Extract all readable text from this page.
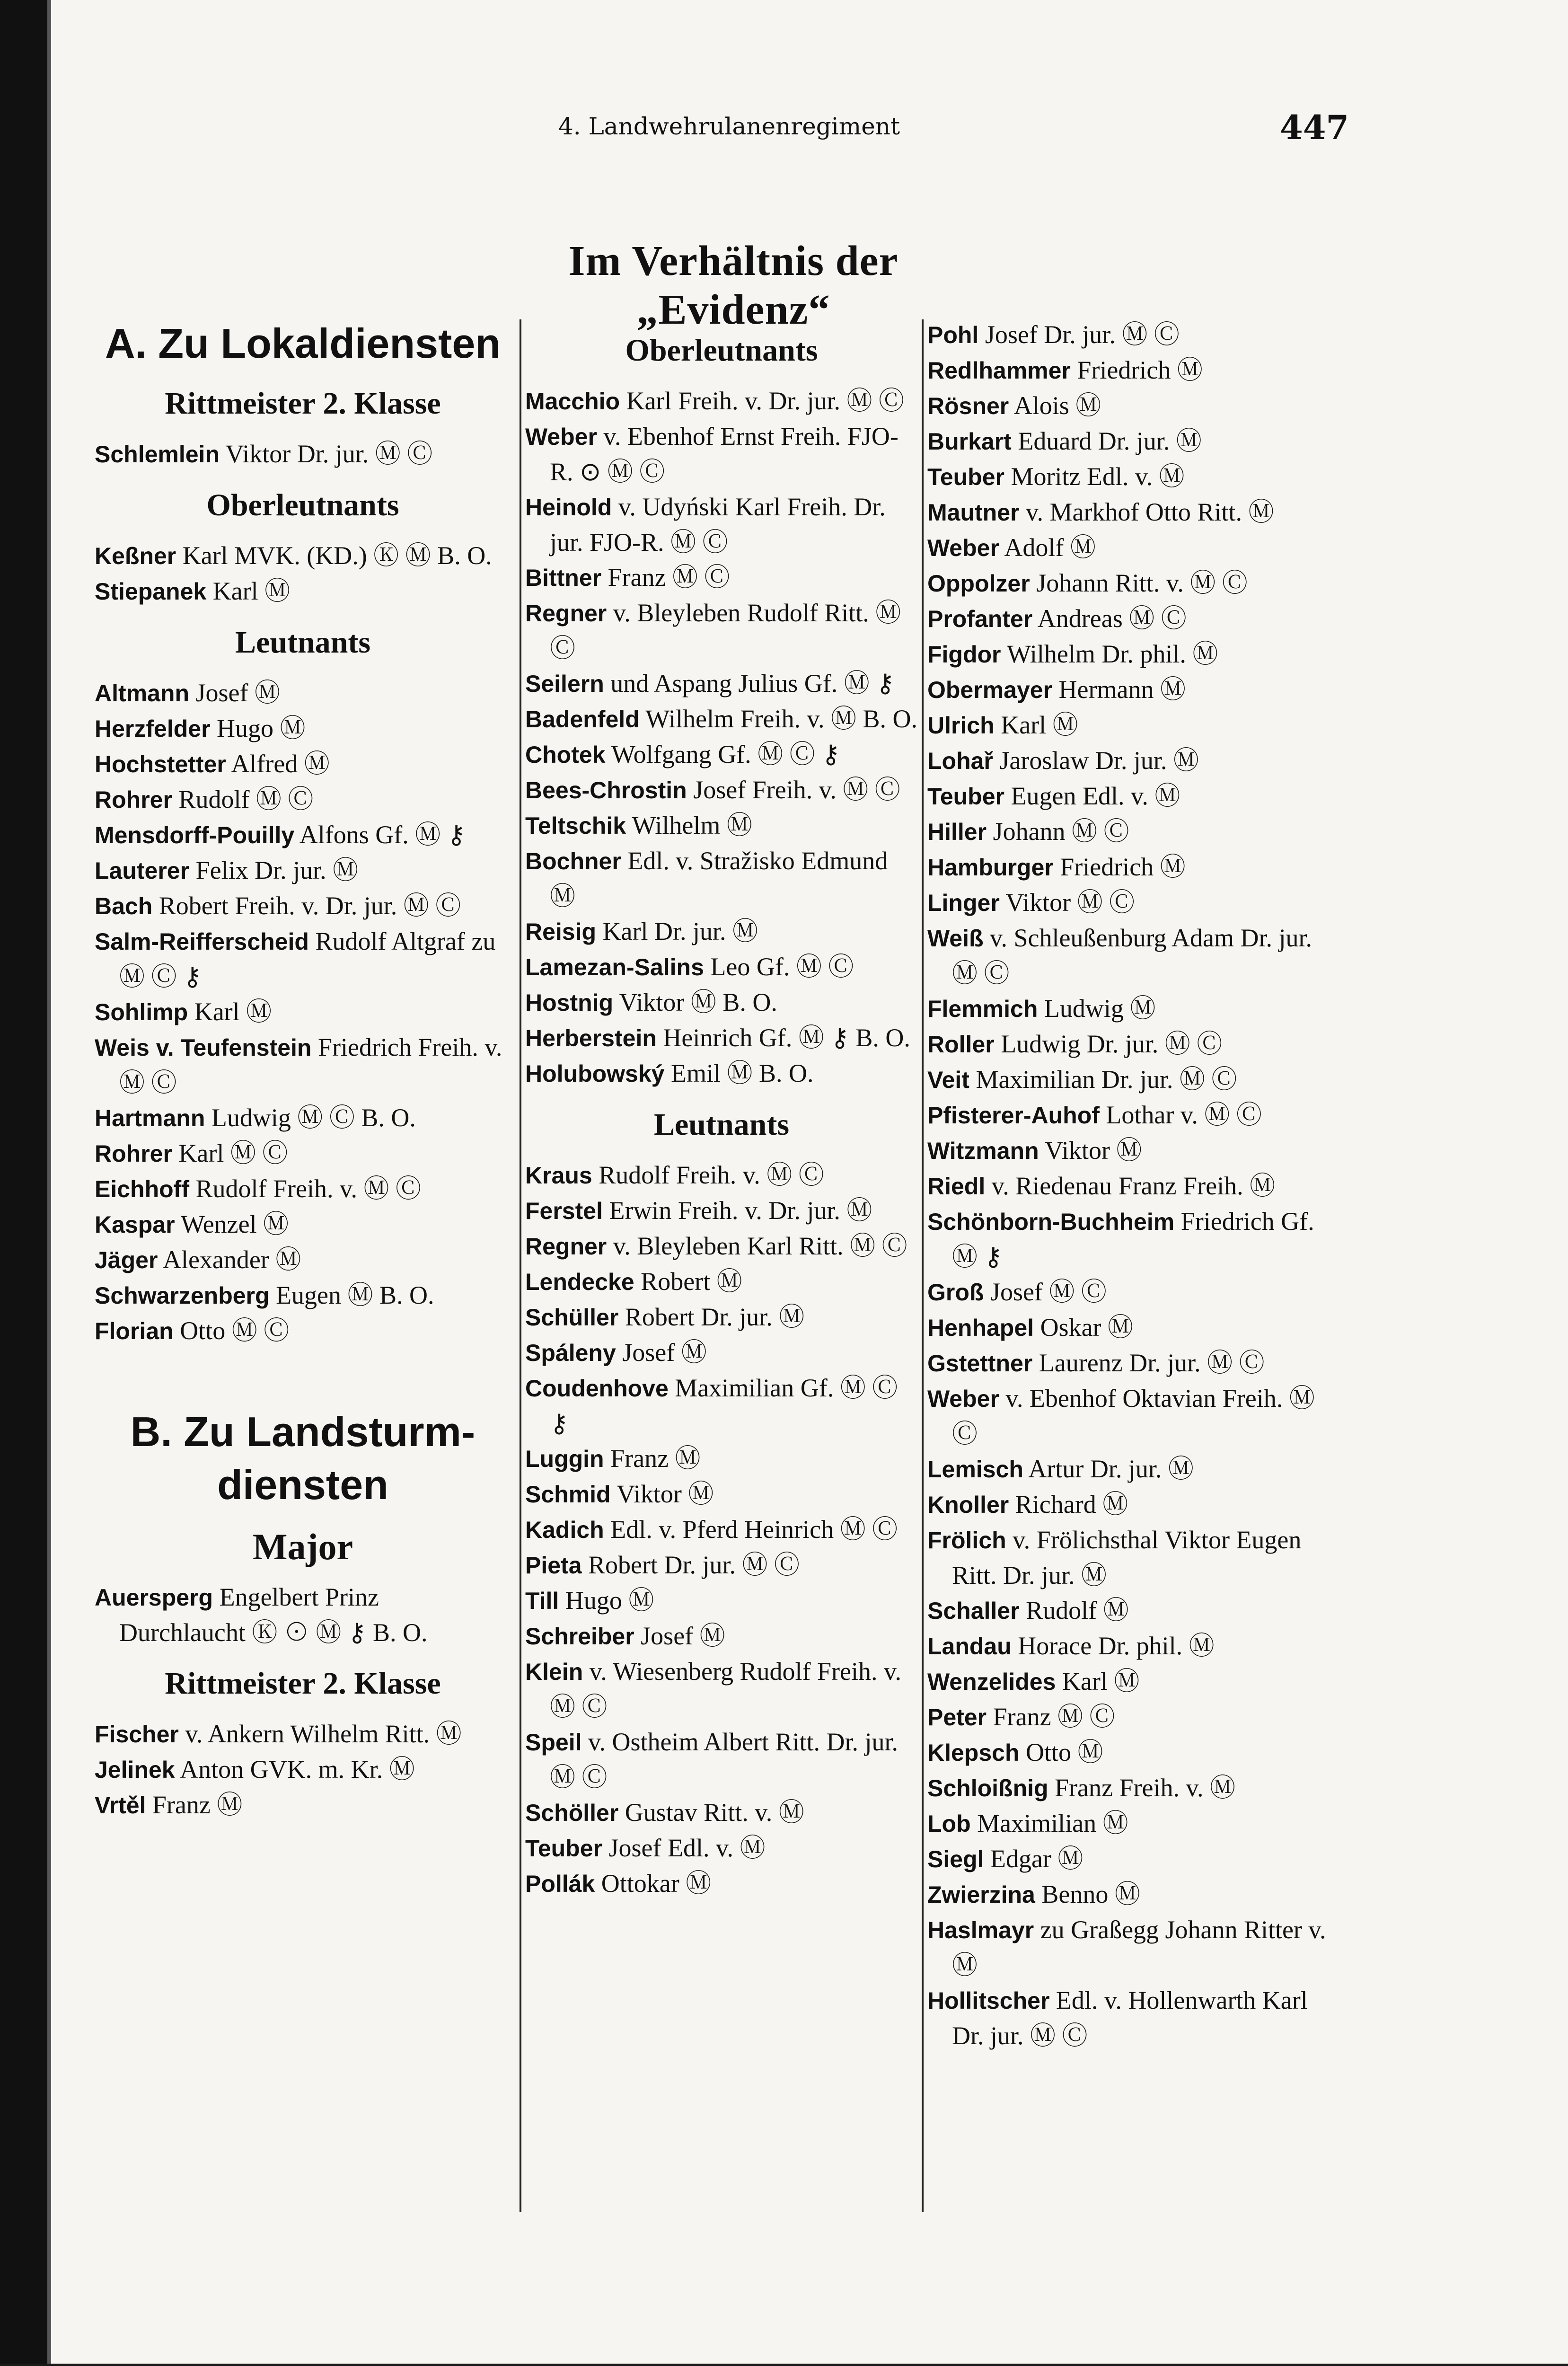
4. Landwehrulanenregiment	447
Im Verhältnis der „Evidenz“
A. Zu Lokaldiensten
Rittmeister 2. Klasse
Schlemlein Viktor Dr. jur. Ⓜ Ⓒ
Oberleutnants
Keßner Karl MVK. (KD.) Ⓚ Ⓜ B. O.
Stiepanek Karl Ⓜ
Leutnants
Altmann Josef Ⓜ
Herzfelder Hugo Ⓜ
Hochstetter Alfred Ⓜ
Rohrer Rudolf Ⓜ Ⓒ
Mensdorff-Pouilly Alfons Gf. Ⓜ ⚷
Lauterer Felix Dr. jur. Ⓜ
Bach Robert Freih. v. Dr. jur. Ⓜ Ⓒ
Salm-Reifferscheid Rudolf Altgraf zu Ⓜ Ⓒ ⚷
Sohlimp Karl Ⓜ
Weis v. Teufenstein Friedrich Freih. v. Ⓜ Ⓒ
Hartmann Ludwig Ⓜ Ⓒ B. O.
Rohrer Karl Ⓜ Ⓒ
Eichhoff Rudolf Freih. v. Ⓜ Ⓒ
Kaspar Wenzel Ⓜ
Jäger Alexander Ⓜ
Schwarzenberg Eugen Ⓜ B. O.
Florian Otto Ⓜ Ⓒ
B. Zu Landsturm-
diensten
Major
Auersperg Engelbert Prinz Durchlaucht Ⓚ ⊙ Ⓜ ⚷ B. O.
Rittmeister 2. Klasse
Fischer v. Ankern Wilhelm Ritt. Ⓜ
Jelinek Anton GVK. m. Kr. Ⓜ
Vrtěl Franz Ⓜ
Oberleutnants
Macchio Karl Freih. v. Dr. jur. Ⓜ Ⓒ
Weber v. Ebenhof Ernst Freih. FJO-R. ⊙ Ⓜ Ⓒ
Heinold v. Udyński Karl Freih. Dr. jur. FJO-R. Ⓜ Ⓒ
Bittner Franz Ⓜ Ⓒ
Regner v. Bleyleben Rudolf Ritt. Ⓜ Ⓒ
Seilern und Aspang Julius Gf. Ⓜ ⚷
Badenfeld Wilhelm Freih. v. Ⓜ B. O.
Chotek Wolfgang Gf. Ⓜ Ⓒ ⚷
Bees-Chrostin Josef Freih. v. Ⓜ Ⓒ
Teltschik Wilhelm Ⓜ
Bochner Edl. v. Stražisko Edmund Ⓜ
Reisig Karl Dr. jur. Ⓜ
Lamezan-Salins Leo Gf. Ⓜ Ⓒ
Hostnig Viktor Ⓜ B. O.
Herberstein Heinrich Gf. Ⓜ ⚷ B. O.
Holubowský Emil Ⓜ B. O.
Leutnants
Kraus Rudolf Freih. v. Ⓜ Ⓒ
Ferstel Erwin Freih. v. Dr. jur. Ⓜ
Regner v. Bleyleben Karl Ritt. Ⓜ Ⓒ
Lendecke Robert Ⓜ
Schüller Robert Dr. jur. Ⓜ
Spáleny Josef Ⓜ
Coudenhove Maximilian Gf. Ⓜ Ⓒ ⚷
Luggin Franz Ⓜ
Schmid Viktor Ⓜ
Kadich Edl. v. Pferd Heinrich Ⓜ Ⓒ
Pieta Robert Dr. jur. Ⓜ Ⓒ
Till Hugo Ⓜ
Schreiber Josef Ⓜ
Klein v. Wiesenberg Rudolf Freih. v. Ⓜ Ⓒ
Speil v. Ostheim Albert Ritt. Dr. jur. Ⓜ Ⓒ
Schöller Gustav Ritt. v. Ⓜ
Teuber Josef Edl. v. Ⓜ
Pollák Ottokar Ⓜ
Pohl Josef Dr. jur. Ⓜ Ⓒ
Redlhammer Friedrich Ⓜ
Rösner Alois Ⓜ
Burkart Eduard Dr. jur. Ⓜ
Teuber Moritz Edl. v. Ⓜ
Mautner v. Markhof Otto Ritt. Ⓜ
Weber Adolf Ⓜ
Oppolzer Johann Ritt. v. Ⓜ Ⓒ
Profanter Andreas Ⓜ Ⓒ
Figdor Wilhelm Dr. phil. Ⓜ
Obermayer Hermann Ⓜ
Ulrich Karl Ⓜ
Lohař Jaroslaw Dr. jur. Ⓜ
Teuber Eugen Edl. v. Ⓜ
Hiller Johann Ⓜ Ⓒ
Hamburger Friedrich Ⓜ
Linger Viktor Ⓜ Ⓒ
Weiß v. Schleußenburg Adam Dr. jur. Ⓜ Ⓒ
Flemmich Ludwig Ⓜ
Roller Ludwig Dr. jur. Ⓜ Ⓒ
Veit Maximilian Dr. jur. Ⓜ Ⓒ
Pfisterer-Auhof Lothar v. Ⓜ Ⓒ
Witzmann Viktor Ⓜ
Riedl v. Riedenau Franz Freih. Ⓜ
Schönborn-Buchheim Friedrich Gf. Ⓜ ⚷
Groß Josef Ⓜ Ⓒ
Henhapel Oskar Ⓜ
Gstettner Laurenz Dr. jur. Ⓜ Ⓒ
Weber v. Ebenhof Oktavian Freih. Ⓜ Ⓒ
Lemisch Artur Dr. jur. Ⓜ
Knoller Richard Ⓜ
Frölich v. Frölichsthal Viktor Eugen Ritt. Dr. jur. Ⓜ
Schaller Rudolf Ⓜ
Landau Horace Dr. phil. Ⓜ
Wenzelides Karl Ⓜ
Peter Franz Ⓜ Ⓒ
Klepsch Otto Ⓜ
Schloißnig Franz Freih. v. Ⓜ
Lob Maximilian Ⓜ
Siegl Edgar Ⓜ
Zwierzina Benno Ⓜ
Haslmayr zu Graßegg Johann Ritter v. Ⓜ
Hollitscher Edl. v. Hollenwarth Karl Dr. jur. Ⓜ Ⓒ
